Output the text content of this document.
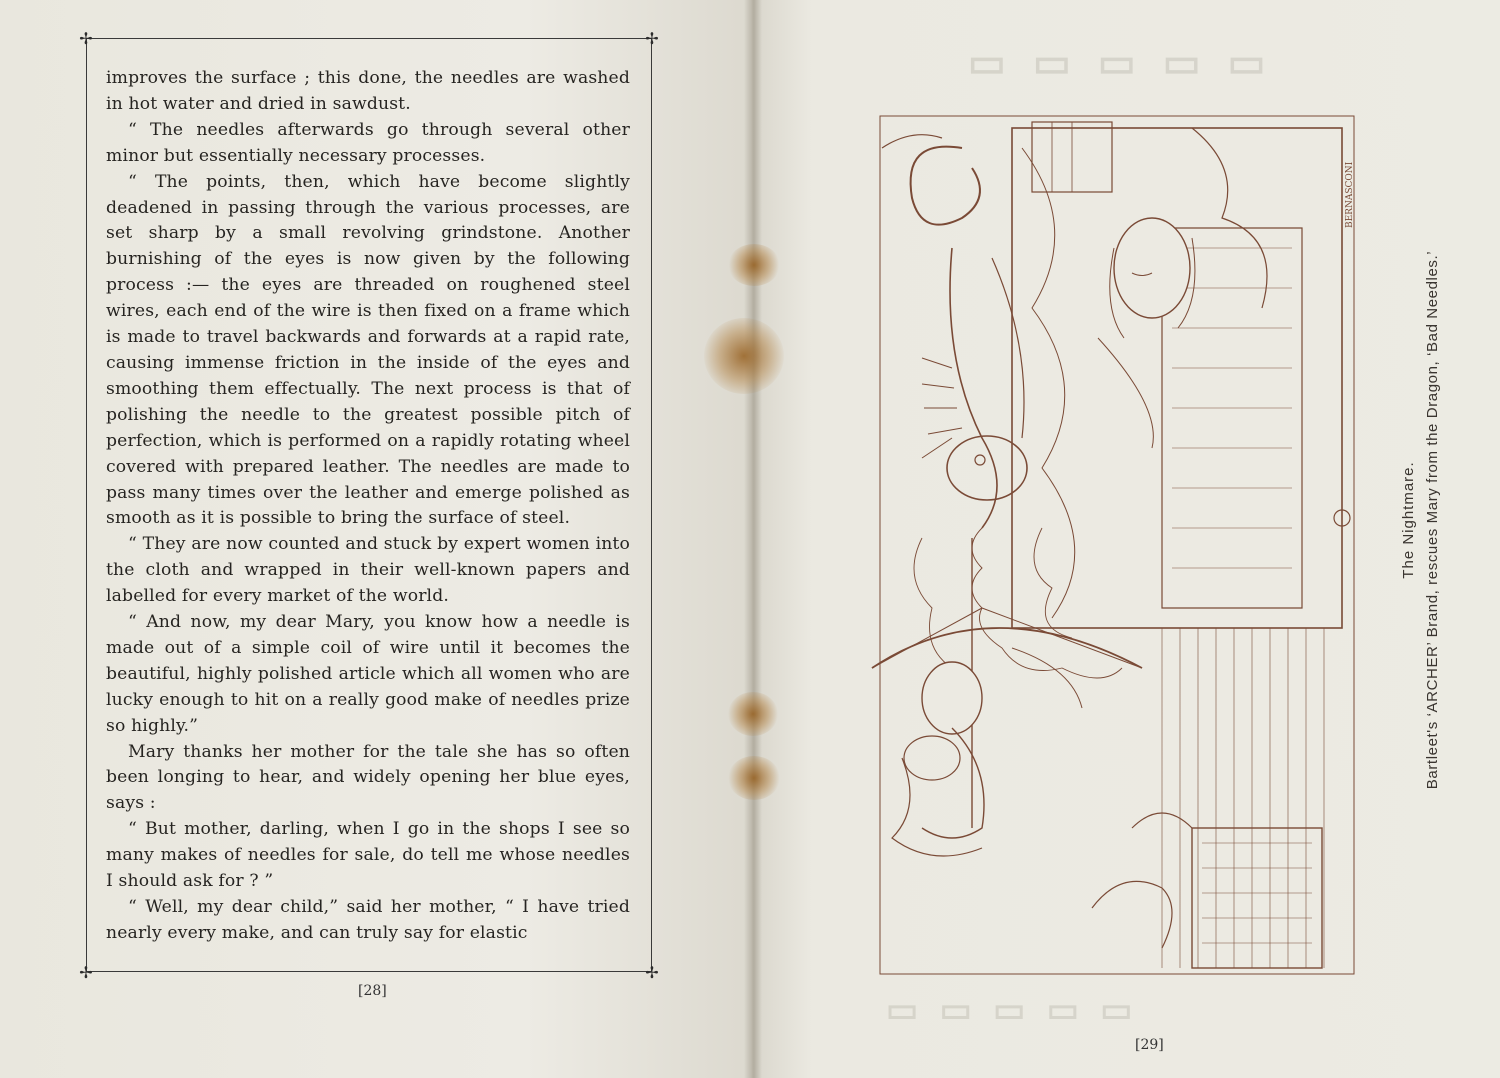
✢	✢
✢	✢

improves the surface ; this done, the needles are washed in hot water and dried in sawdust.

“ The needles afterwards go through several other minor but essentially necessary processes.

“ The points, then, which have become slightly deadened in passing through the various processes, are set sharp by a small revolving grindstone. Another burnishing of the eyes is now given by the following process :— the eyes are threaded on roughened steel wires, each end of the wire is then fixed on a frame which is made to travel backwards and forwards at a rapid rate, causing immense friction in the inside of the eyes and smoothing them effectually. The next process is that of polishing the needle to the greatest possible pitch of perfection, which is performed on a rapidly rotating wheel covered with prepared leather. The needles are made to pass many times over the leather and emerge polished as smooth as it is possible to bring the surface of steel.

“ They are now counted and stuck by expert women into the cloth and wrapped in their well-known papers and labelled for every market of the world.

“ And now, my dear Mary, you know how a needle is made out of a simple coil of wire until it becomes the beautiful, highly polished article which all women who are lucky enough to hit on a really good make of needles prize so highly.”

Mary thanks her mother for the tale she has so often been longing to hear, and widely opening her blue eyes, says :

“ But mother, darling, when I go in the shops I see so many makes of needles for sale, do tell me whose needles I should ask for ? ”

“ Well, my dear child,” said her mother, “ I have tried nearly every make, and can truly say for elastic

[28]
▭ ▭ ▭ ▭ ▭
▭ ▭ ▭ ▭ ▭
BERNASCONI
The Nightmare. Bartleet's ‘ARCHER’ Brand, rescues Mary from the Dragon, ‘Bad Needles.’
[29]
